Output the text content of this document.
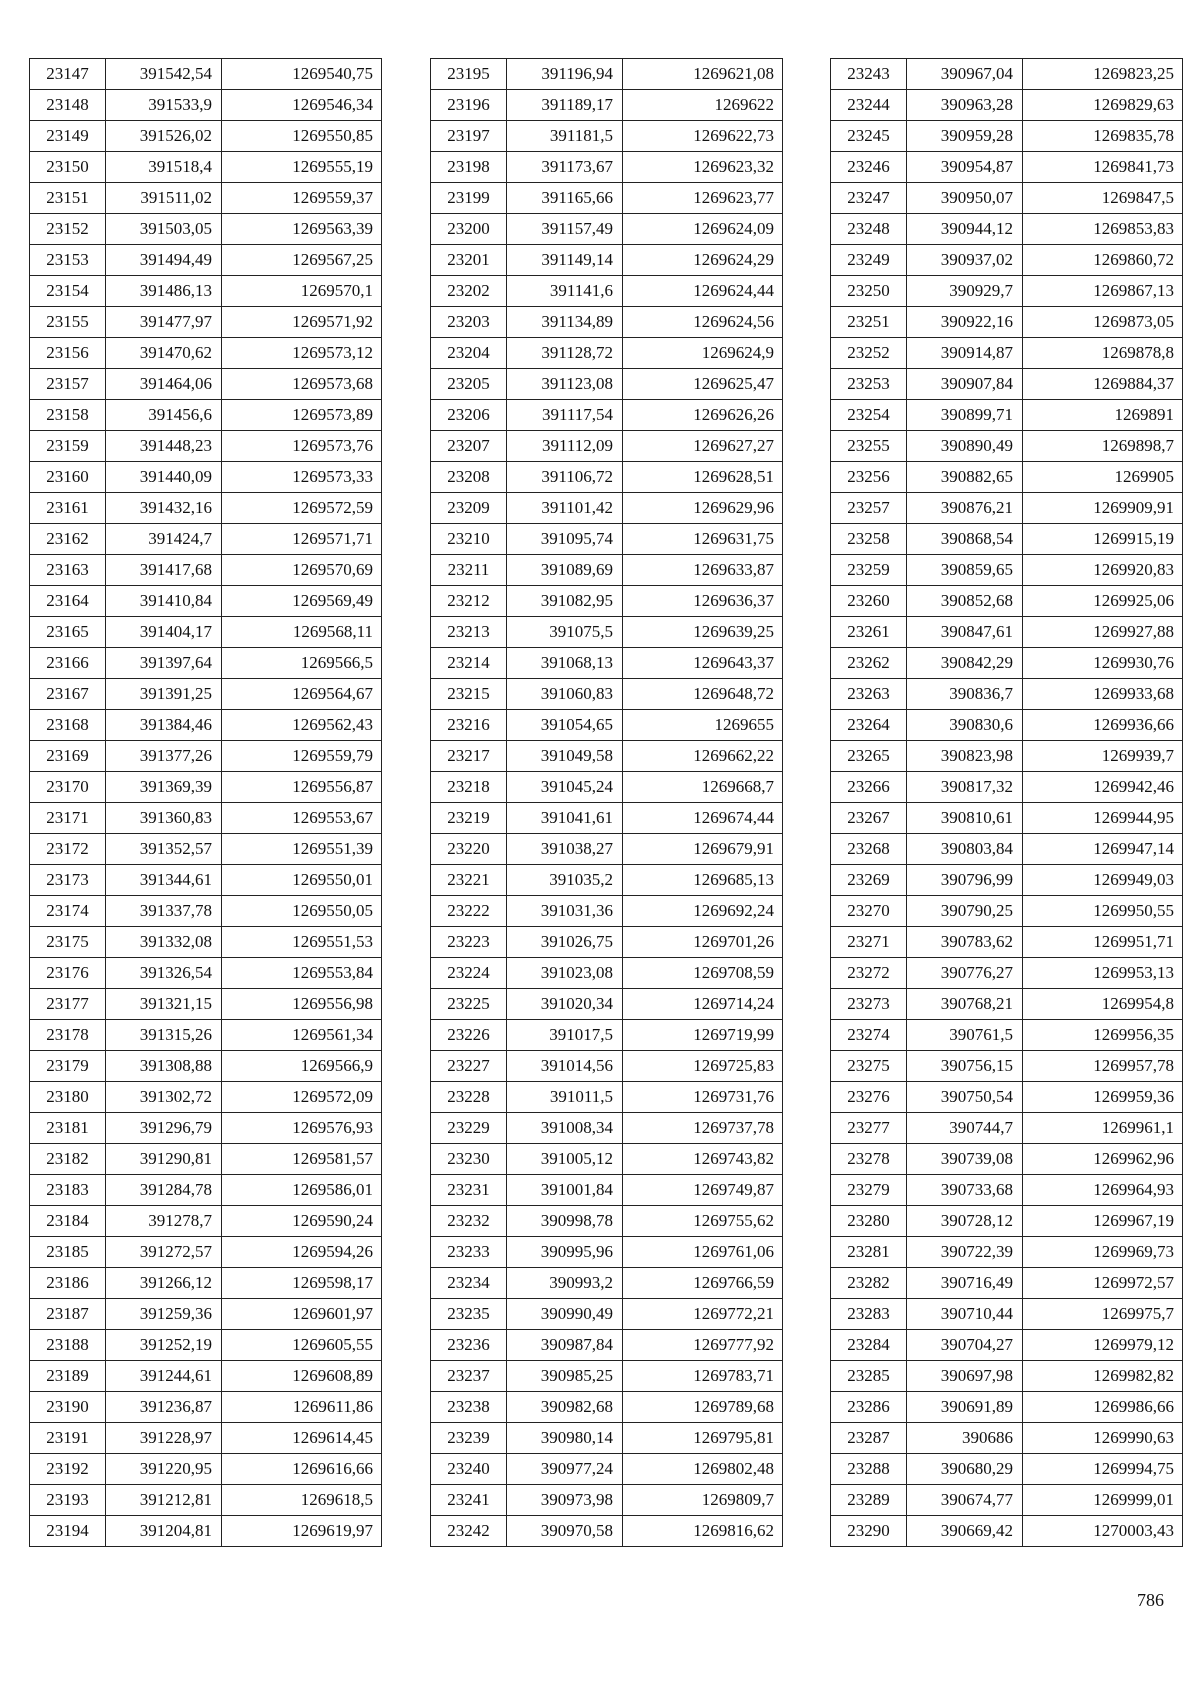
23147	391542,54	1269540,75
23148	391533,9	1269546,34
23149	391526,02	1269550,85
23150	391518,4	1269555,19
23151	391511,02	1269559,37
23152	391503,05	1269563,39
23153	391494,49	1269567,25
23154	391486,13	1269570,1
23155	391477,97	1269571,92
23156	391470,62	1269573,12
23157	391464,06	1269573,68
23158	391456,6	1269573,89
23159	391448,23	1269573,76
23160	391440,09	1269573,33
23161	391432,16	1269572,59
23162	391424,7	1269571,71
23163	391417,68	1269570,69
23164	391410,84	1269569,49
23165	391404,17	1269568,11
23166	391397,64	1269566,5
23167	391391,25	1269564,67
23168	391384,46	1269562,43
23169	391377,26	1269559,79
23170	391369,39	1269556,87
23171	391360,83	1269553,67
23172	391352,57	1269551,39
23173	391344,61	1269550,01
23174	391337,78	1269550,05
23175	391332,08	1269551,53
23176	391326,54	1269553,84
23177	391321,15	1269556,98
23178	391315,26	1269561,34
23179	391308,88	1269566,9
23180	391302,72	1269572,09
23181	391296,79	1269576,93
23182	391290,81	1269581,57
23183	391284,78	1269586,01
23184	391278,7	1269590,24
23185	391272,57	1269594,26
23186	391266,12	1269598,17
23187	391259,36	1269601,97
23188	391252,19	1269605,55
23189	391244,61	1269608,89
23190	391236,87	1269611,86
23191	391228,97	1269614,45
23192	391220,95	1269616,66
23193	391212,81	1269618,5
23194	391204,81	1269619,97
23195	391196,94	1269621,08
23196	391189,17	1269622
23197	391181,5	1269622,73
23198	391173,67	1269623,32
23199	391165,66	1269623,77
23200	391157,49	1269624,09
23201	391149,14	1269624,29
23202	391141,6	1269624,44
23203	391134,89	1269624,56
23204	391128,72	1269624,9
23205	391123,08	1269625,47
23206	391117,54	1269626,26
23207	391112,09	1269627,27
23208	391106,72	1269628,51
23209	391101,42	1269629,96
23210	391095,74	1269631,75
23211	391089,69	1269633,87
23212	391082,95	1269636,37
23213	391075,5	1269639,25
23214	391068,13	1269643,37
23215	391060,83	1269648,72
23216	391054,65	1269655
23217	391049,58	1269662,22
23218	391045,24	1269668,7
23219	391041,61	1269674,44
23220	391038,27	1269679,91
23221	391035,2	1269685,13
23222	391031,36	1269692,24
23223	391026,75	1269701,26
23224	391023,08	1269708,59
23225	391020,34	1269714,24
23226	391017,5	1269719,99
23227	391014,56	1269725,83
23228	391011,5	1269731,76
23229	391008,34	1269737,78
23230	391005,12	1269743,82
23231	391001,84	1269749,87
23232	390998,78	1269755,62
23233	390995,96	1269761,06
23234	390993,2	1269766,59
23235	390990,49	1269772,21
23236	390987,84	1269777,92
23237	390985,25	1269783,71
23238	390982,68	1269789,68
23239	390980,14	1269795,81
23240	390977,24	1269802,48
23241	390973,98	1269809,7
23242	390970,58	1269816,62
23243	390967,04	1269823,25
23244	390963,28	1269829,63
23245	390959,28	1269835,78
23246	390954,87	1269841,73
23247	390950,07	1269847,5
23248	390944,12	1269853,83
23249	390937,02	1269860,72
23250	390929,7	1269867,13
23251	390922,16	1269873,05
23252	390914,87	1269878,8
23253	390907,84	1269884,37
23254	390899,71	1269891
23255	390890,49	1269898,7
23256	390882,65	1269905
23257	390876,21	1269909,91
23258	390868,54	1269915,19
23259	390859,65	1269920,83
23260	390852,68	1269925,06
23261	390847,61	1269927,88
23262	390842,29	1269930,76
23263	390836,7	1269933,68
23264	390830,6	1269936,66
23265	390823,98	1269939,7
23266	390817,32	1269942,46
23267	390810,61	1269944,95
23268	390803,84	1269947,14
23269	390796,99	1269949,03
23270	390790,25	1269950,55
23271	390783,62	1269951,71
23272	390776,27	1269953,13
23273	390768,21	1269954,8
23274	390761,5	1269956,35
23275	390756,15	1269957,78
23276	390750,54	1269959,36
23277	390744,7	1269961,1
23278	390739,08	1269962,96
23279	390733,68	1269964,93
23280	390728,12	1269967,19
23281	390722,39	1269969,73
23282	390716,49	1269972,57
23283	390710,44	1269975,7
23284	390704,27	1269979,12
23285	390697,98	1269982,82
23286	390691,89	1269986,66
23287	390686	1269990,63
23288	390680,29	1269994,75
23289	390674,77	1269999,01
23290	390669,42	1270003,43
786
